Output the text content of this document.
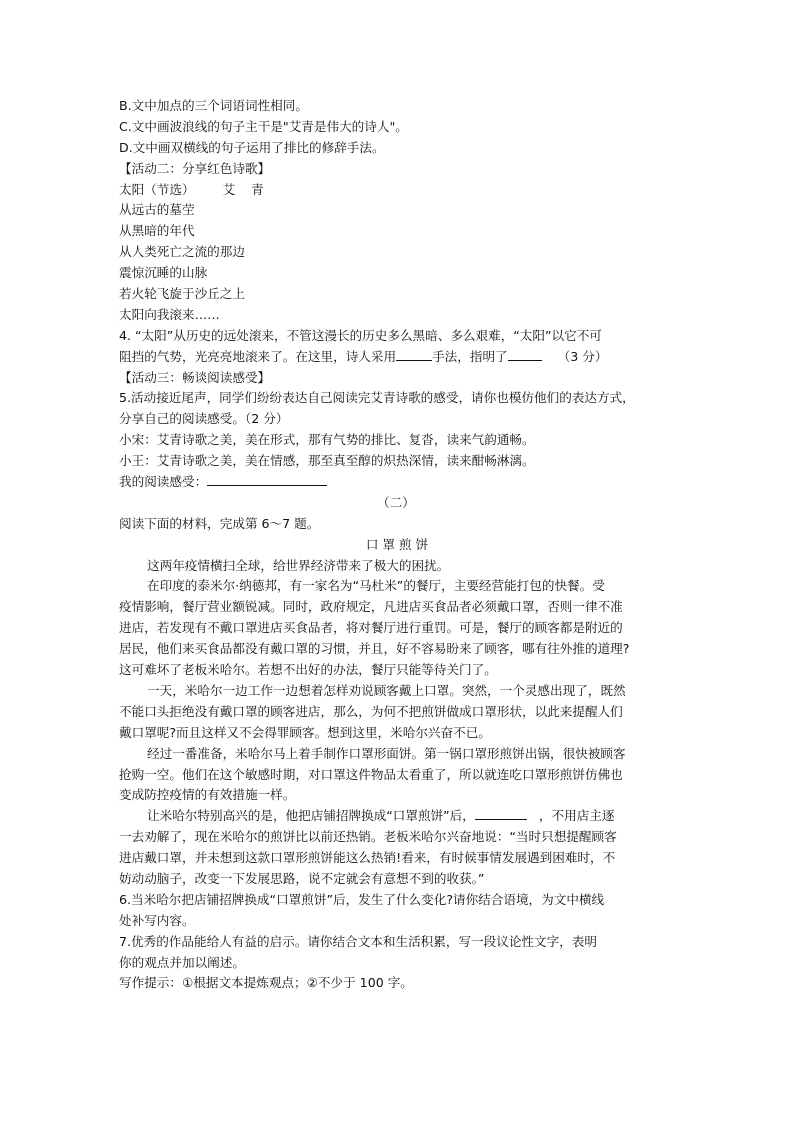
B.文中加点的三个词语词性相同。
C.文中画波浪线的句子主干是"艾青是伟大的诗人"。
D.文中画双横线的句子运用了排比的修辞手法。
【活动二：分享红色诗歌】
太阳（节选） 艾 青
从远古的墓茔
从黑暗的年代
从人类死亡之流的那边
震惊沉睡的山脉
若火轮飞旋于沙丘之上
太阳向我滚来……
4. “太阳”从历史的远处滚来，不管这漫长的历史多么黑暗、多么艰难，“太阳”以它不可
阻挡的气势，光亮亮地滚来了。在这里，诗人采用	手法，指明了	（3 分）
【活动三：畅谈阅读感受】
5.活动接近尾声，同学们纷纷表达自己阅读完艾青诗歌的感受，请你也模仿他们的表达方式，
分享自己的阅读感受。（2 分）
小宋：艾青诗歌之美，美在形式，那有气势的排比、复沓，读来气韵通畅。
小王：艾青诗歌之美，美在情感，那至真至醇的炽热深情，读来酣畅淋漓。
我的阅读感受：
（二）
阅读下面的材料，完成第 6～7 题。
口罩煎饼
这两年疫情横扫全球，给世界经济带来了极大的困扰。
在印度的泰米尔·纳德邦，有一家名为“马杜米”的餐厅，主要经营能打包的快餐。受
疫情影响，餐厅营业额锐减。同时，政府规定，凡进店买食品者必须戴口罩，否则一律不准
进店，若发现有不戴口罩进店买食品者，将对餐厅进行重罚。可是，餐厅的顾客都是附近的
居民，他们来买食品都没有戴口罩的习惯，并且，好不容易盼来了顾客，哪有往外推的道理?
这可难坏了老板米哈尔。若想不出好的办法，餐厅只能等待关门了。
一天，米哈尔一边工作一边想着怎样劝说顾客戴上口罩。突然，一个灵感出现了，既然
不能口头拒绝没有戴口罩的顾客进店，那么，为何不把煎饼做成口罩形状，以此来提醒人们
戴口罩呢?而且这样又不会得罪顾客。想到这里，米哈尔兴奋不已。
经过一番准备，米哈尔马上着手制作口罩形面饼。第一锅口罩形煎饼出锅，很快被顾客
抢购一空。他们在这个敏感时期，对口罩这件物品太看重了，所以就连吃口罩形煎饼仿佛也
变成防控疫情的有效措施一样。
让米哈尔特别高兴的是，他把店铺招牌换成“口罩煎饼”后，	，不用店主逐
一去劝解了，现在米哈尔的煎饼比以前还热销。老板米哈尔兴奋地说：“当时只想提醒顾客
进店戴口罩，并未想到这款口罩形煎饼能这么热销!看来，有时候事情发展遇到困难时，不
妨动动脑子，改变一下发展思路，说不定就会有意想不到的收获。”
6.当米哈尔把店铺招牌换成“口罩煎饼”后，发生了什么变化?请你结合语境，为文中横线
处补写内容。
7.优秀的作品能给人有益的启示。请你结合文本和生活积累，写一段议论性文字，表明
你的观点并加以阐述。
写作提示：①根据文本提炼观点；②不少于 100 字。
